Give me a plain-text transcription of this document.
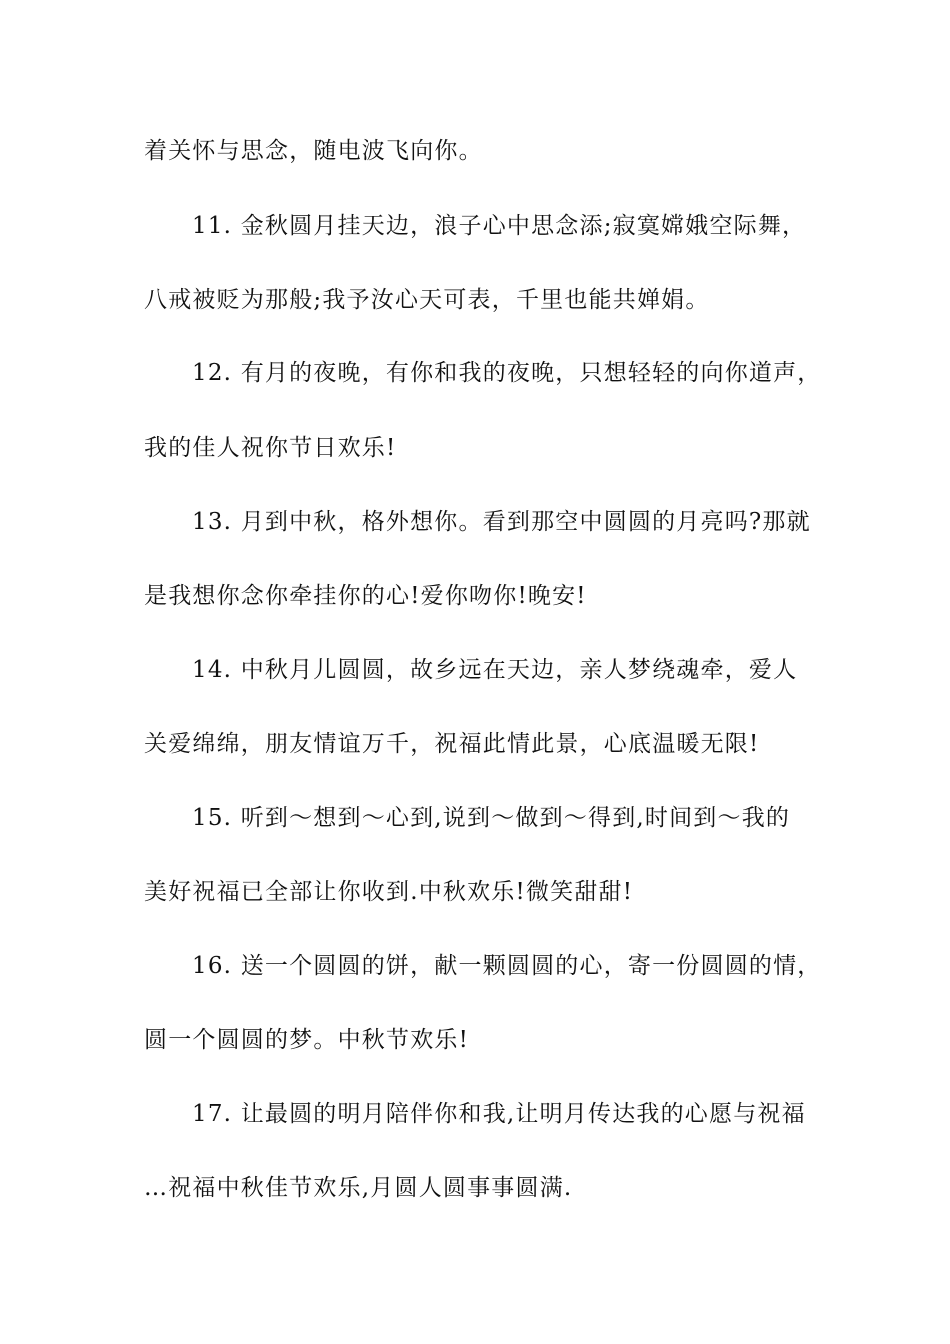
着关怀与思念，随电波飞向你。
11. 金秋圆月挂天边，浪子心中思念添;寂寞嫦娥空际舞，
八戒被贬为那般;我予汝心天可表，千里也能共婵娟。
12. 有月的夜晚，有你和我的夜晚，只想轻轻的向你道声，
我的佳人祝你节日欢乐!
13. 月到中秋，格外想你。看到那空中圆圆的月亮吗?那就
是我想你念你牵挂你的心!爱你吻你!晚安!
14. 中秋月儿圆圆，故乡远在天边，亲人梦绕魂牵，爱人
关爱绵绵，朋友情谊万千，祝福此情此景，心底温暖无限!
15. 听到～想到～心到,说到～做到～得到,时间到～我的
美好祝福已全部让你收到.中秋欢乐!微笑甜甜!
16. 送一个圆圆的饼，献一颗圆圆的心，寄一份圆圆的情，
圆一个圆圆的梦。中秋节欢乐!
17. 让最圆的明月陪伴你和我,让明月传达我的心愿与祝福
…祝福中秋佳节欢乐,月圆人圆事事圆满.
